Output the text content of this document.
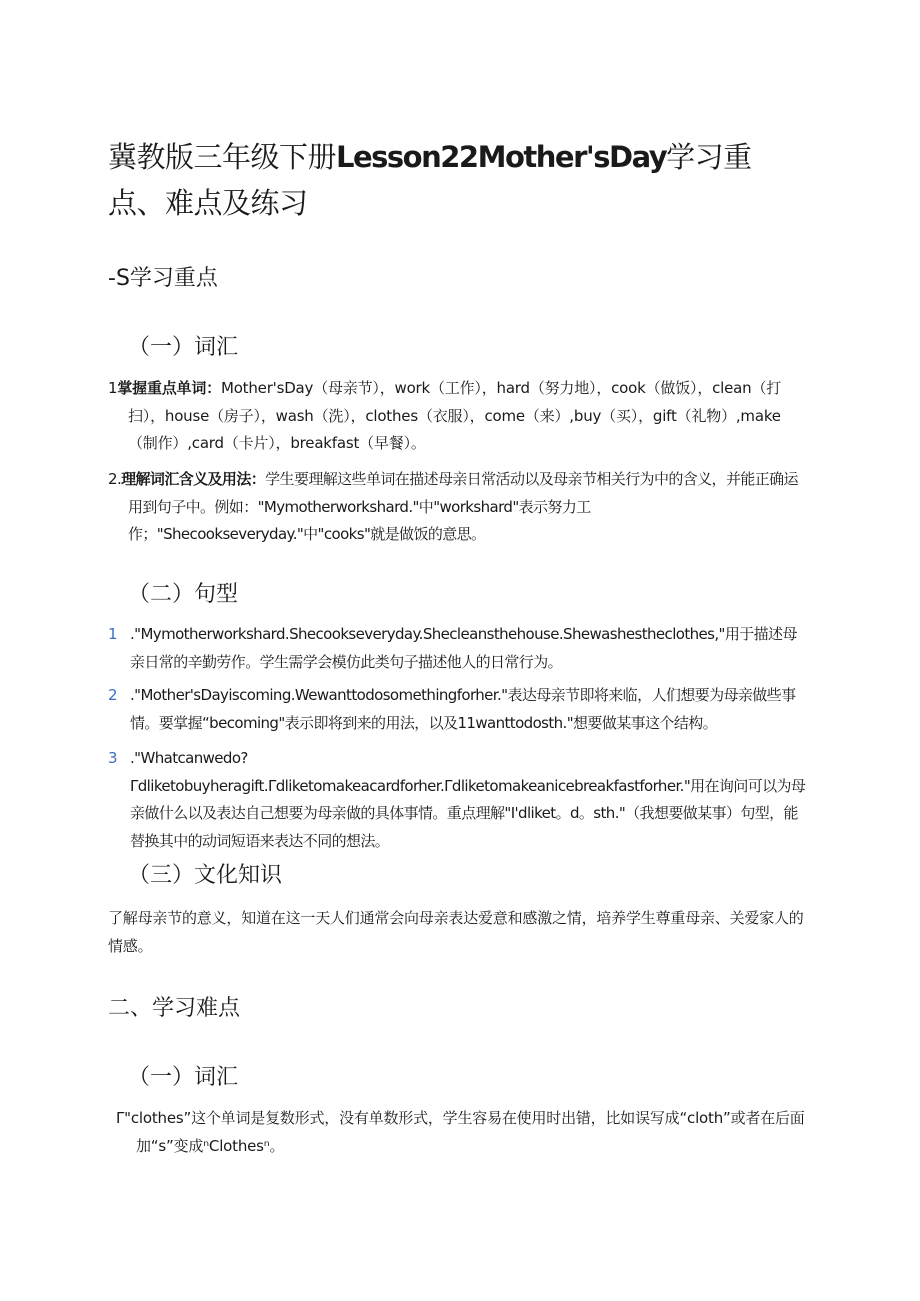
冀教版三年级下册Lesson22Mother'sDay学习重点、难点及练习
-S学习重点
（一）词汇

1掌握重点单词：Mother'sDay（母亲节），work（工作），hard（努力地），cook（做饭），clean（打扫），house（房子），wash（洗），clothes（衣服），come（来）,buy（买），gift（礼物）,make（制作）,card（卡片），breakfast（早餐）。

2.理解词汇含义及用法：学生要理解这些单词在描述母亲日常活动以及母亲节相关行为中的含义，并能正确运用到句子中。例如："Mymotherworkshard."中"workshard"表示努力工作；"Shecookseveryday."中"cooks"就是做饭的意思。

（二）句型

1 ."Mymotherworkshard.Shecookseveryday.Shecleansthehouse.Shewashestheclothes,"用于描述母亲日常的辛勤劳作。学生需学会模仿此类句子描述他人的日常行为。

2 ."Mother'sDayiscoming.Wewanttodosomethingforher."表达母亲节即将来临，人们想要为母亲做些事情。要掌握“becoming"表示即将到来的用法，以及11wanttodosth."想要做某事这个结构。

3 ."Whatcanwedo?Γdliketobuyheragift.Γdliketomakeacardforher.Γdliketomakeanicebreakfastforher."用在询问可以为母亲做什么以及表达自己想要为母亲做的具体事情。重点理解"I'dliket。d。sth."（我想要做某事）句型，能替换其中的动词短语来表达不同的想法。

（三）文化知识

了解母亲节的意义，知道在这一天人们通常会向母亲表达爱意和感激之情，培养学生尊重母亲、关爱家人的情感。

二、学习难点
（一）词汇

Γ"clothes”这个单词是复数形式，没有单数形式，学生容易在使用时出错，比如误写成“cloth”或者在后面加“s”变成ⁿClothesⁿ。
